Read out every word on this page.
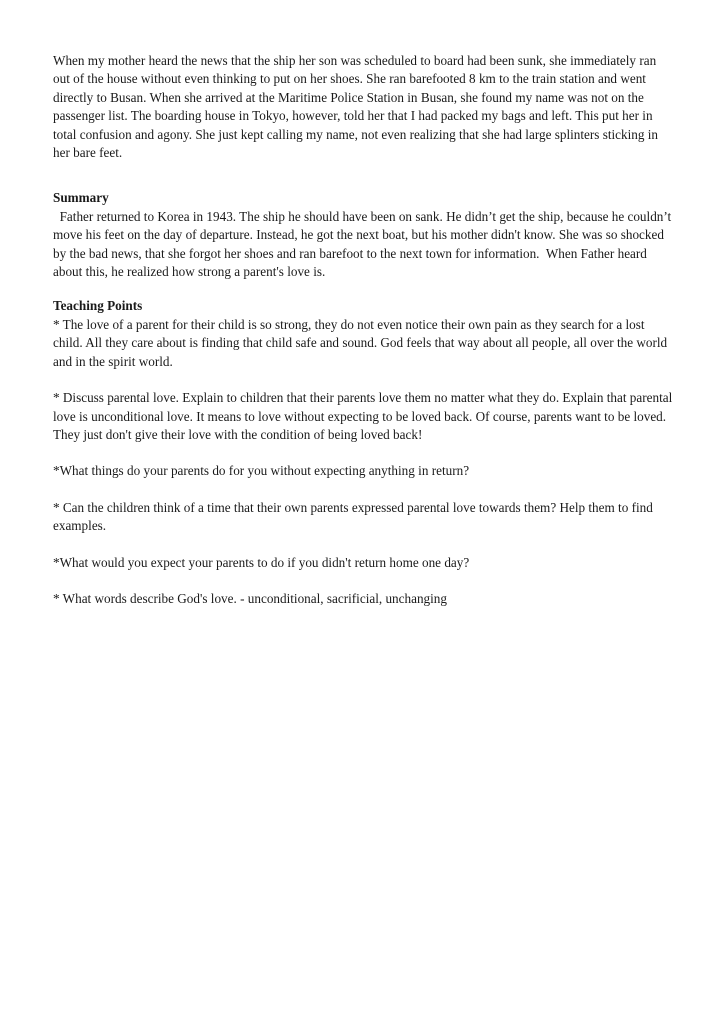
When my mother heard the news that the ship her son was scheduled to board had been sunk, she immediately ran out of the house without even thinking to put on her shoes. She ran barefooted 8 km to the train station and went directly to Busan. When she arrived at the Maritime Police Station in Busan, she found my name was not on the passenger list. The boarding house in Tokyo, however, told her that I had packed my bags and left. This put her in total confusion and agony. She just kept calling my name, not even realizing that she had large splinters sticking in her bare feet.

Summary

Father returned to Korea in 1943. The ship he should have been on sank. He didn’t get the ship, because he couldn’t move his feet on the day of departure. Instead, he got the next boat, but his mother didn't know. She was so shocked by the bad news, that she forgot her shoes and ran barefoot to the next town for information.  When Father heard about this, he realized how strong a parent's love is.

Teaching Points

* The love of a parent for their child is so strong, they do not even notice their own pain as they search for a lost child. All they care about is finding that child safe and sound. God feels that way about all people, all over the world and in the spirit world.

* Discuss parental love. Explain to children that their parents love them no matter what they do. Explain that parental love is unconditional love. It means to love without expecting to be loved back. Of course, parents want to be loved. They just don't give their love with the condition of being loved back!

*What things do your parents do for you without expecting anything in return?

* Can the children think of a time that their own parents expressed parental love towards them? Help them to find examples.

*What would you expect your parents to do if you didn't return home one day?

* What words describe God's love. - unconditional, sacrificial, unchanging
